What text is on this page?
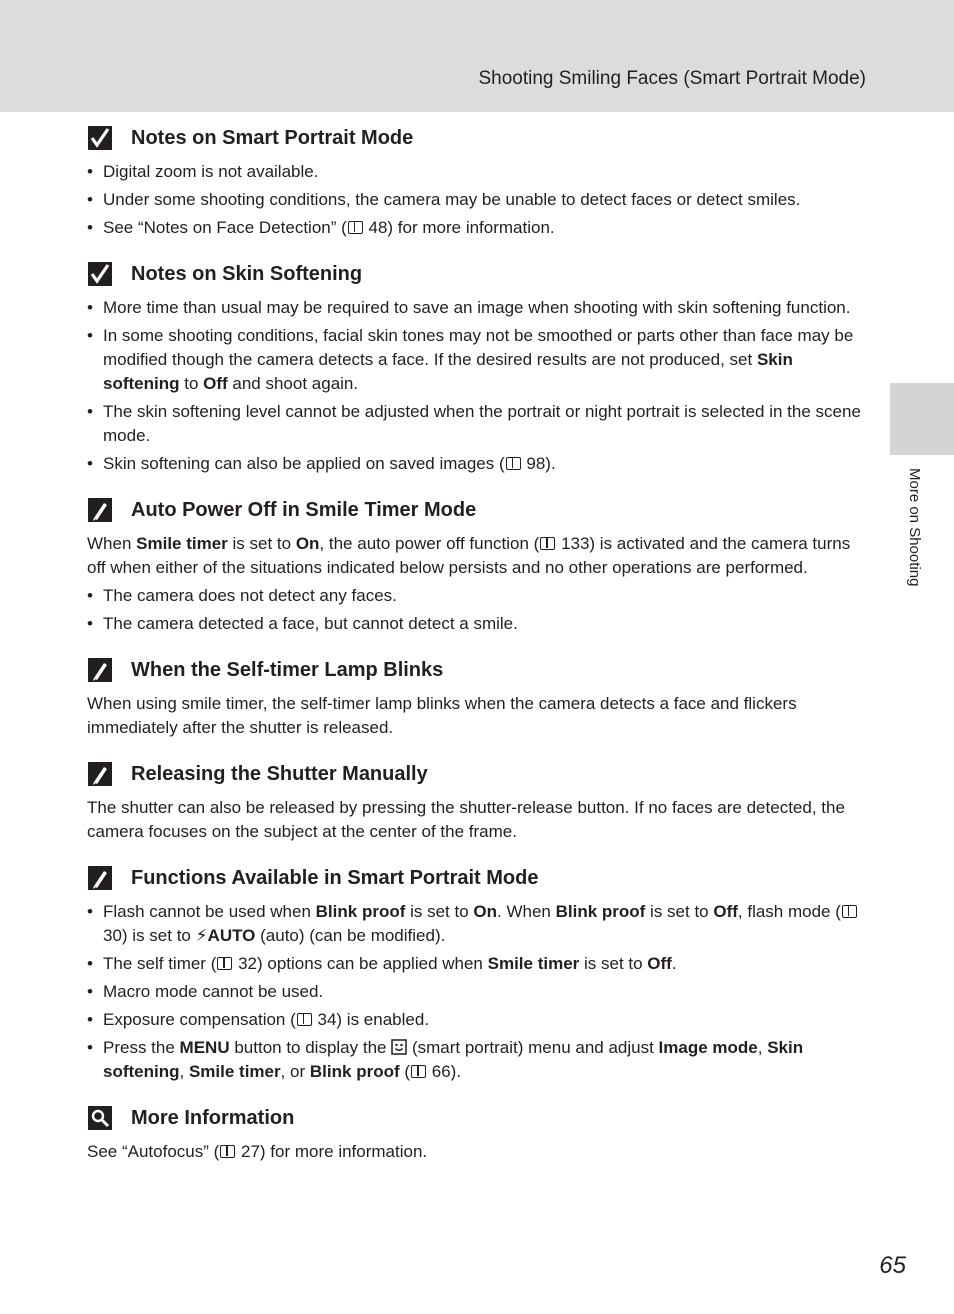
Shooting Smiling Faces (Smart Portrait Mode)
More on Shooting
Notes on Smart Portrait Mode
• Digital zoom is not available.
• Under some shooting conditions, the camera may be unable to detect faces or detect smiles.
• See “Notes on Face Detection” ( 48) for more information.
Notes on Skin Softening
• More time than usual may be required to save an image when shooting with skin softening function.
• In some shooting conditions, facial skin tones may not be smoothed or parts other than face may be modified though the camera detects a face. If the desired results are not produced, set Skin softening to Off and shoot again.
• The skin softening level cannot be adjusted when the portrait or night portrait is selected in the scene mode.
• Skin softening can also be applied on saved images ( 98).
Auto Power Off in Smile Timer Mode

When Smile timer is set to On, the auto power off function ( 133) is activated and the camera turns off when either of the situations indicated below persists and no other operations are performed.

• The camera does not detect any faces.
• The camera detected a face, but cannot detect a smile.
When the Self-timer Lamp Blinks

When using smile timer, the self-timer lamp blinks when the camera detects a face and flickers immediately after the shutter is released.

Releasing the Shutter Manually

The shutter can also be released by pressing the shutter-release button. If no faces are detected, the camera focuses on the subject at the center of the frame.

Functions Available in Smart Portrait Mode
• Flash cannot be used when Blink proof is set to On. When Blink proof is set to Off, flash mode ( 30) is set to ⚡AUTO (auto) (can be modified).
• The self timer ( 32) options can be applied when Smile timer is set to Off.
• Macro mode cannot be used.
• Exposure compensation ( 34) is enabled.
• Press the MENU button to display the  (smart portrait) menu and adjust Image mode, Skin softening, Smile timer, or Blink proof ( 66).
More Information

See “Autofocus” ( 27) for more information.

65
